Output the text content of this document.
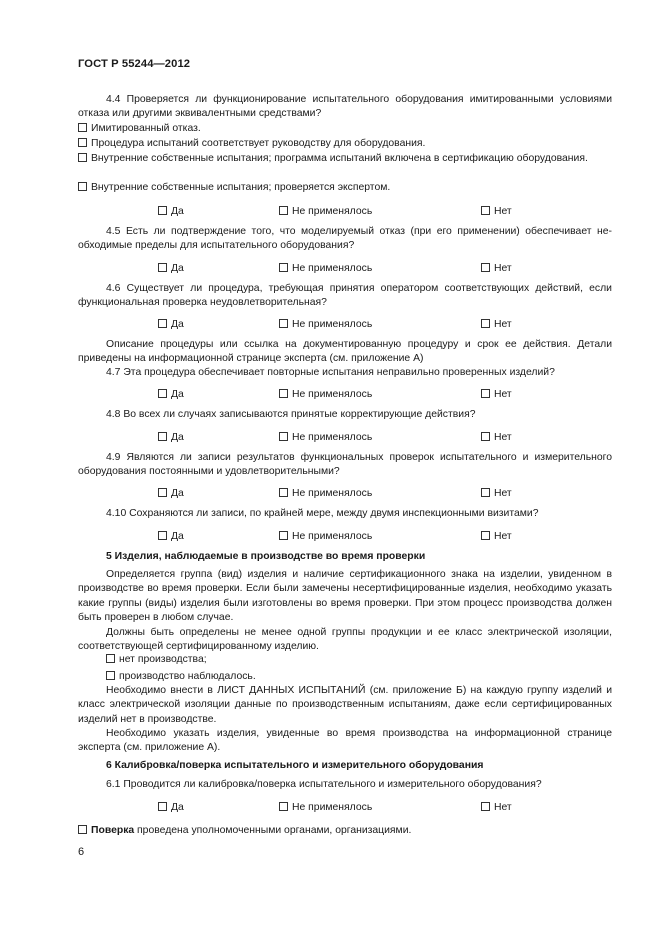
ГОСТ Р 55244—2012
4.4 Проверяется ли функционирование испытательного оборудования имитированными условиями отказа или другими эквивалентными средствами?
Имитированный отказ.
Процедура испытаний соответствует руководству для оборудования.
Внутренние собственные испытания; программа испытаний включена в сертификацию оборудования.
Внутренние собственные испытания; проверяется экспертом.
Да	Не применялось	Нет
4.5 Есть ли подтверждение того, что моделируемый отказ (при его применении) обеспечивает необходимые пределы для испытательного оборудования?
Да	Не применялось	Нет
4.6 Существует ли процедура, требующая принятия оператором соответствующих действий, если функциональная проверка неудовлетворительная?
Да	Не применялось	Нет
Описание процедуры или ссылка на документированную процедуру и срок ее действия. Детали приведены на информационной странице эксперта (см. приложение А)
4.7 Эта процедура обеспечивает повторные испытания неправильно проверенных изделий?
Да	Не применялось	Нет
4.8 Во всех ли случаях записываются принятые корректирующие действия?
Да	Не применялось	Нет
4.9 Являются ли записи результатов функциональных проверок испытательного и измерительного оборудования постоянными и удовлетворительными?
Да	Не применялось	Нет
4.10 Сохраняются ли записи, по крайней мере, между двумя инспекционными визитами?
Да	Не применялось	Нет
5 Изделия, наблюдаемые в производстве во время проверки
Определяется группа (вид) изделия и наличие сертификационного знака на изделии, увиденном в производстве во время проверки. Если были замечены несертифицированные изделия, необходимо указать какие группы (виды) изделия были изготовлены во время проверки. При этом процесс производства должен быть проверен в любом случае.
Должны быть определены не менее одной группы продукции и ее класс электрической изоляции, соответствующей сертифицированному изделию.
нет производства;
производство наблюдалось.
Необходимо внести в ЛИСТ ДАННЫХ ИСПЫТАНИЙ (см. приложение Б) на каждую группу изделий и класс электрической изоляции данные по производственным испытаниям, даже если сертифицированных изделий нет в производстве.
Необходимо указать изделия, увиденные во время производства на информационной странице эксперта (см. приложение А).
6 Калибровка/поверка испытательного и измерительного оборудования
6.1 Проводится ли калибровка/поверка испытательного и измерительного оборудования?
Да	Не применялось	Нет
Поверка проведена уполномоченными органами, организациями.
6
